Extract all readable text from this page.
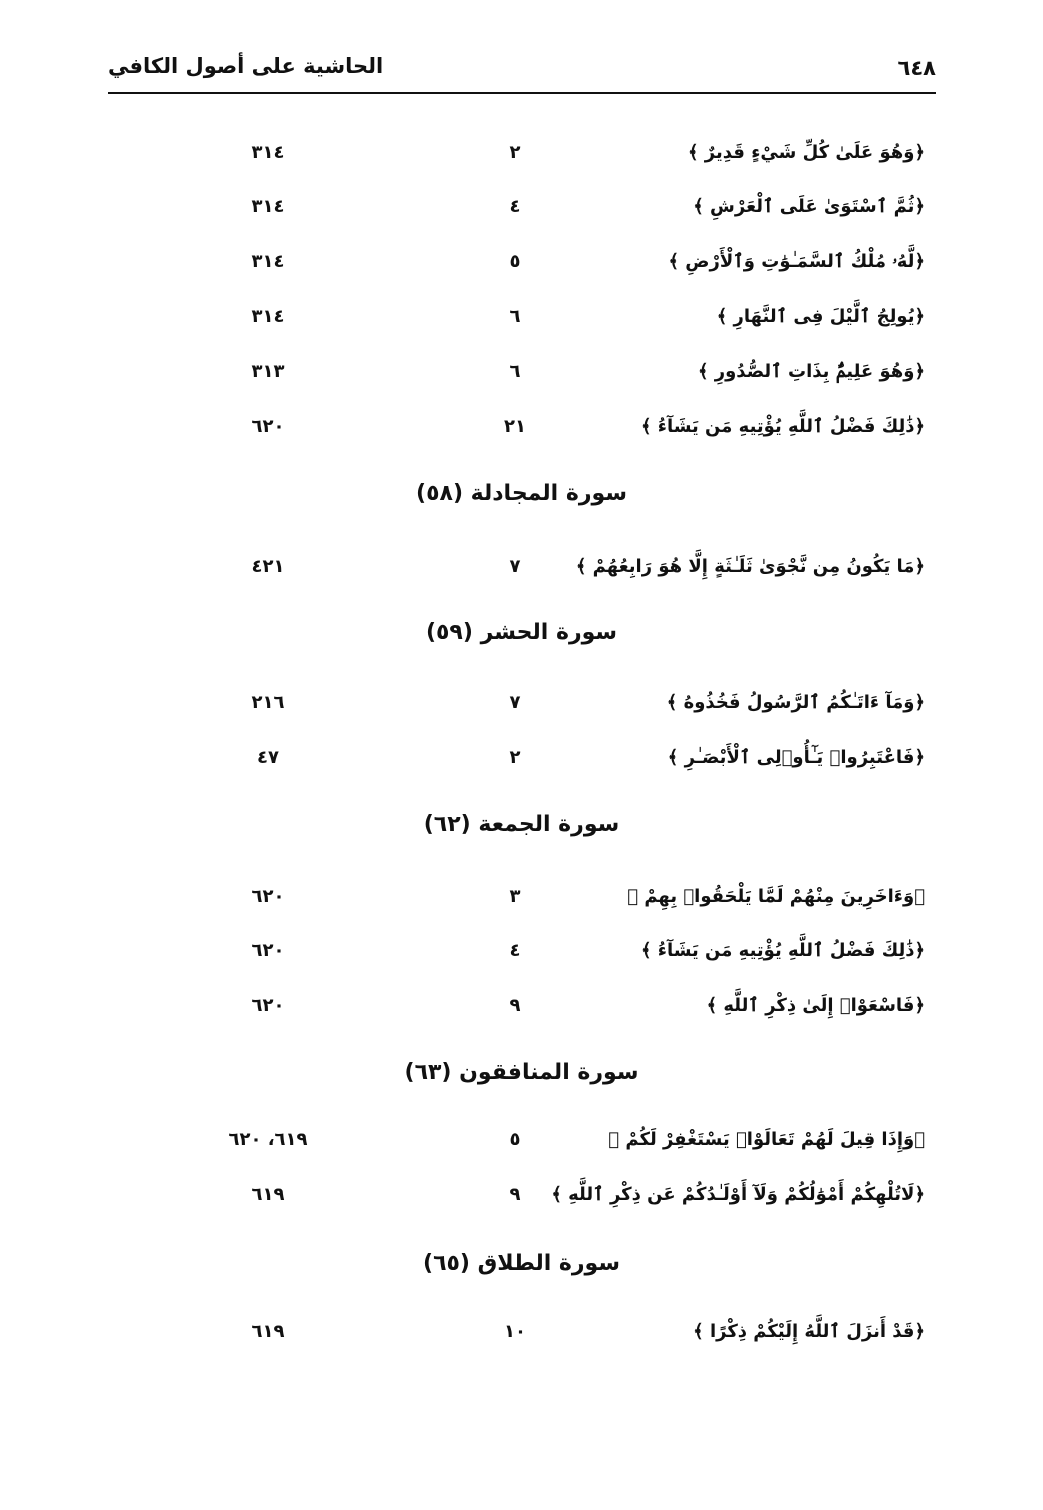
الحاشية على أصول الكافي	٦٤٨
﴿وَهُوَ عَلَىٰ كُلِّ شَيْءٍ قَدِيرٌ ﴾
٢
٣١٤
﴿ثُمَّ ٱسْتَوَىٰ عَلَى ٱلْعَرْشِ ﴾
٤
٣١٤
﴿لَّهُۥ مُلْكُ ٱلسَّمَـٰوَٰتِ وَٱلْأَرْضِ ﴾
٥
٣١٤
﴿يُولِجُ ٱلَّيْلَ فِى ٱلنَّهَارِ ﴾
٦
٣١٤
﴿وَهُوَ عَلِيمٌۢ بِذَاتِ ٱلصُّدُورِ ﴾
٦
٣١٣
﴿ذَٰلِكَ فَضْلُ ٱللَّهِ يُؤْتِيهِ مَن يَشَآءُ ﴾
٢١
٦٢٠
سورة المجادلة (٥٨)
﴿مَا يَكُونُ مِن نَّجْوَىٰ ثَلَـٰثَةٍ إِلَّا هُوَ رَابِعُهُمْ ﴾
٧
٤٢١
سورة الحشر (٥٩)
﴿وَمَآ ءَاتَـٰكُمُ ٱلرَّسُولُ فَخُذُوهُ ﴾
٧
٢١٦
﴿فَاعْتَبِرُوا۟ يَـٰٓأُو۟لِى ٱلْأَبْصَـٰرِ ﴾
٢
٤٧
سورة الجمعة (٦٢)
﴿وَءَاخَرِينَ مِنْهُمْ لَمَّا يَلْحَقُوا۟ بِهِمْ ﴾
٣
٦٢٠
﴿ذَٰلِكَ فَضْلُ ٱللَّهِ يُؤْتِيهِ مَن يَشَآءُ ﴾
٤
٦٢٠
﴿فَاسْعَوْا۟ إِلَىٰ ذِكْرِ ٱللَّهِ ﴾
٩
٦٢٠
سورة المنافقون (٦٣)
﴿وَإِذَا قِيلَ لَهُمْ تَعَالَوْا۟ يَسْتَغْفِرْ لَكُمْ ﴾
٥
٦١٩، ٦٢٠
﴿لَاتُلْهِكُمْ أَمْوَٰلُكُمْ وَلَآ أَوْلَـٰدُكُمْ عَن ذِكْرِ ٱللَّهِ ﴾
٩
٦١٩
سورة الطلاق (٦٥)
﴿قَدْ أَنزَلَ ٱللَّهُ إِلَيْكُمْ ذِكْرًا ﴾
١٠
٦١٩
